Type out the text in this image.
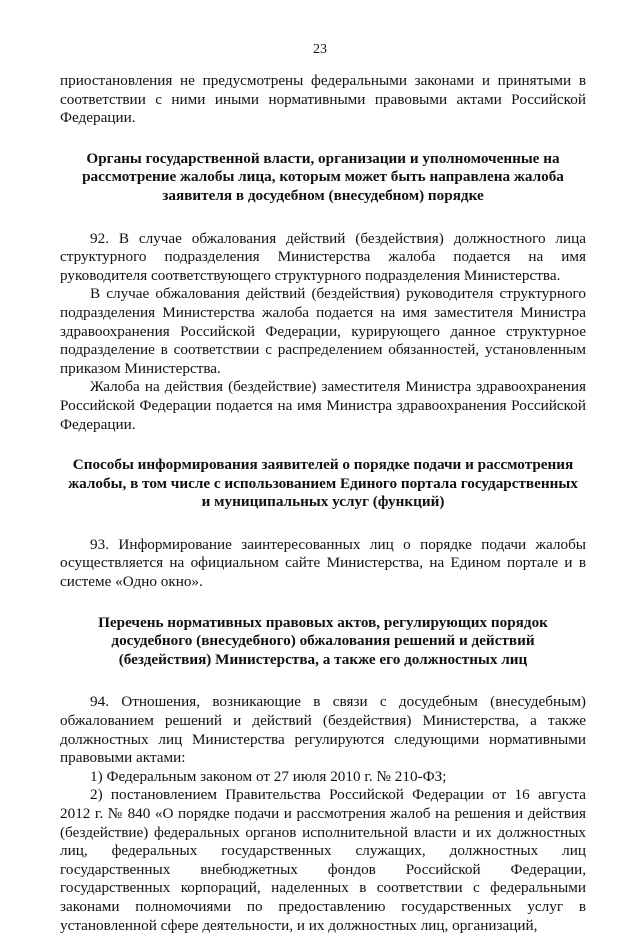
23

приостановления не предусмотрены федеральными законами и принятыми в соответствии с ними иными нормативными правовыми актами Российской Федерации.

Органы государственной власти, организации и уполномоченные на рассмотрение жалобы лица, которым может быть направлена жалоба заявителя в досудебном (внесудебном) порядке

92. В случае обжалования действий (бездействия) должностного лица структурного подразделения Министерства жалоба подается на имя руководителя соответствующего структурного подразделения Министерства.

В случае обжалования действий (бездействия) руководителя структурного подразделения Министерства жалоба подается на имя заместителя Министра здравоохранения Российской Федерации, курирующего данное структурное подразделение в соответствии с распределением обязанностей, установленным приказом Министерства.

Жалоба на действия (бездействие) заместителя Министра здравоохранения Российской Федерации подается на имя Министра здравоохранения Российской Федерации.

Способы информирования заявителей о порядке подачи и рассмотрения жалобы, в том числе с использованием Единого портала государственных и муниципальных услуг (функций)

93. Информирование заинтересованных лиц о порядке подачи жалобы осуществляется на официальном сайте Министерства, на Едином портале и в системе «Одно окно».

Перечень нормативных правовых актов, регулирующих порядок досудебного (внесудебного) обжалования решений и действий (бездействия) Министерства, а также его должностных лиц

94. Отношения, возникающие в связи с досудебным (внесудебным) обжалованием решений и действий (бездействия) Министерства, а также должностных лиц Министерства регулируются следующими нормативными правовыми актами:

1) Федеральным законом от 27 июля 2010 г. № 210-ФЗ;

2) постановлением Правительства Российской Федерации от 16 августа 2012 г. № 840 «О порядке подачи и рассмотрения жалоб на решения и действия (бездействие) федеральных органов исполнительной власти и их должностных лиц, федеральных государственных служащих, должностных лиц государственных внебюджетных фондов Российской Федерации, государственных корпораций, наделенных в соответствии с федеральными законами полномочиями по предоставлению государственных услуг в установленной сфере деятельности, и их должностных лиц, организаций,
